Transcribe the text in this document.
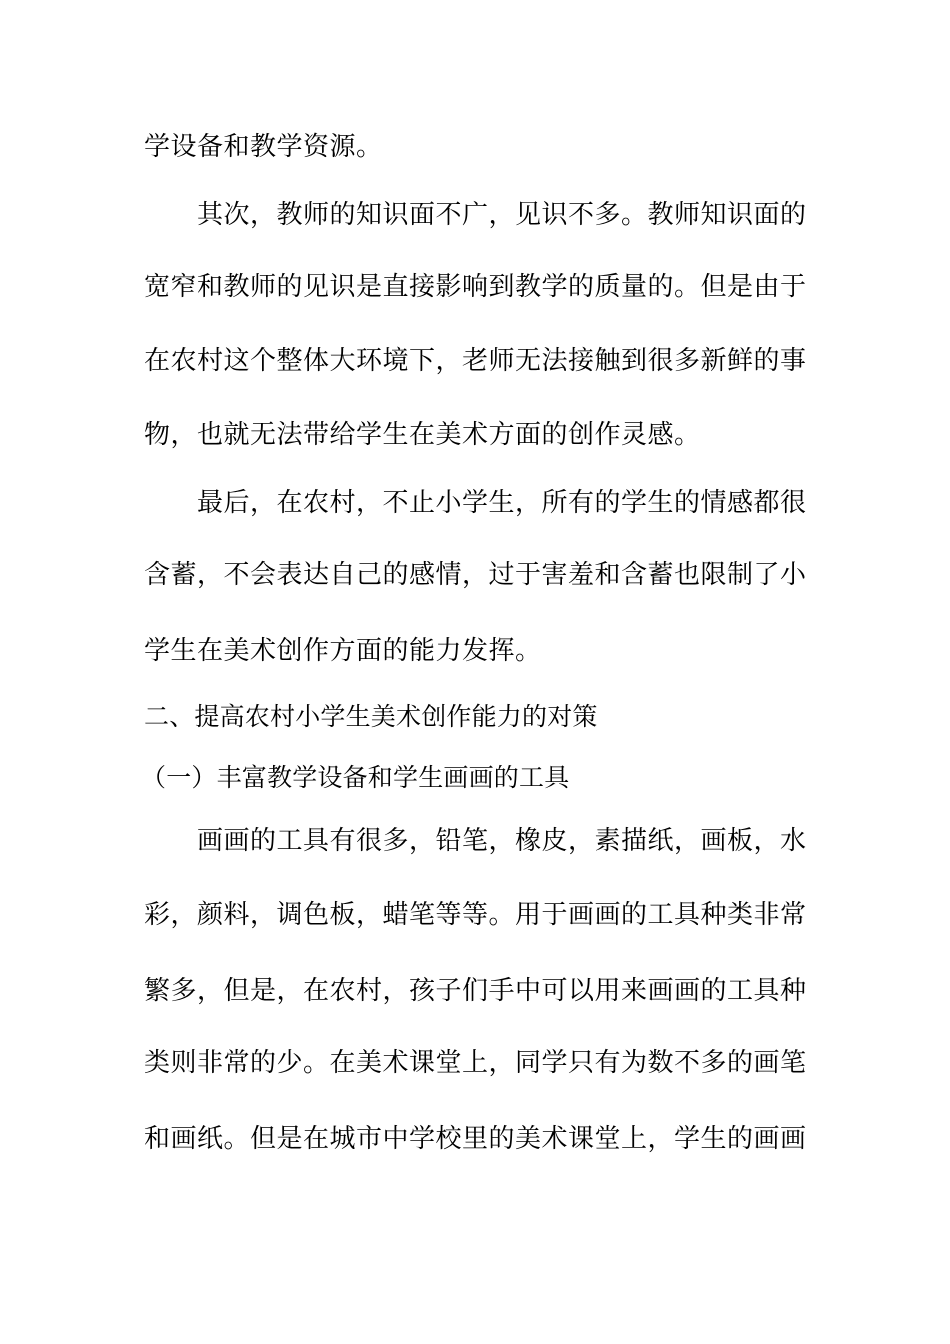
学设备和教学资源。
　　其次，教师的知识面不广，见识不多。教师知识面的
宽窄和教师的见识是直接影响到教学的质量的。但是由于
在农村这个整体大环境下，老师无法接触到很多新鲜的事
物，也就无法带给学生在美术方面的创作灵感。
　　最后，在农村，不止小学生，所有的学生的情感都很
含蓄，不会表达自己的感情，过于害羞和含蓄也限制了小
学生在美术创作方面的能力发挥。
二、提高农村小学生美术创作能力的对策
（一）丰富教学设备和学生画画的工具
　　画画的工具有很多，铅笔，橡皮，素描纸，画板，水
彩，颜料，调色板，蜡笔等等。用于画画的工具种类非常
繁多，但是，在农村，孩子们手中可以用来画画的工具种
类则非常的少。在美术课堂上，同学只有为数不多的画笔
和画纸。但是在城市中学校里的美术课堂上，学生的画画
